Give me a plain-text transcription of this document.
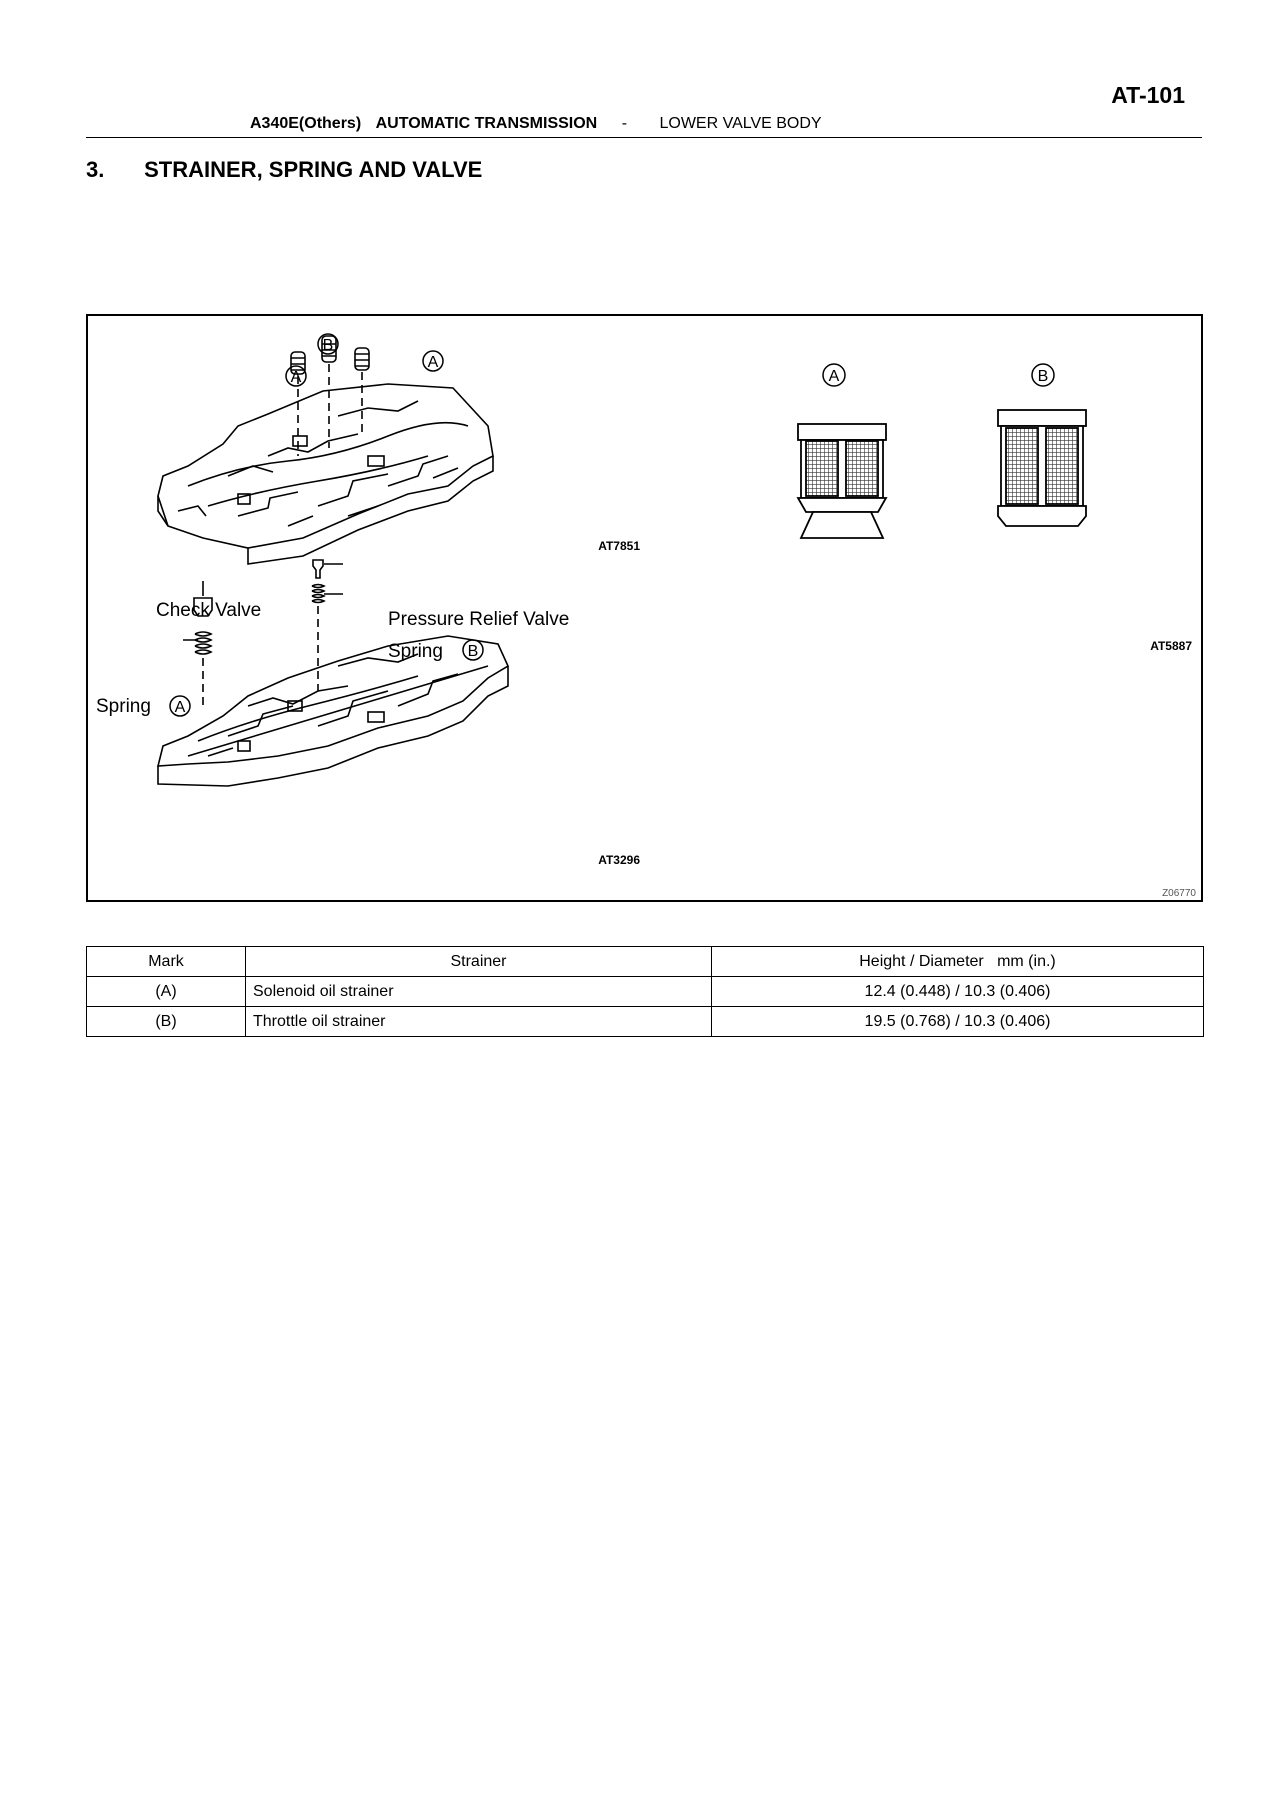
AT-101
A340E(Others) AUTOMATIC TRANSMISSION - LOWER VALVE BODY
3. STRAINER, SPRING AND VALVE
A
B
A
AT7851
Check Valve	Pressure Relief Valve
Spring B
Spring A
AT3296
A	B
AT5887
Z06770
Mark	Strainer	Height / Diameter   mm (in.)
(A)	Solenoid oil strainer	12.4 (0.448) / 10.3 (0.406)
(B)	Throttle oil strainer	19.5 (0.768) / 10.3 (0.406)
